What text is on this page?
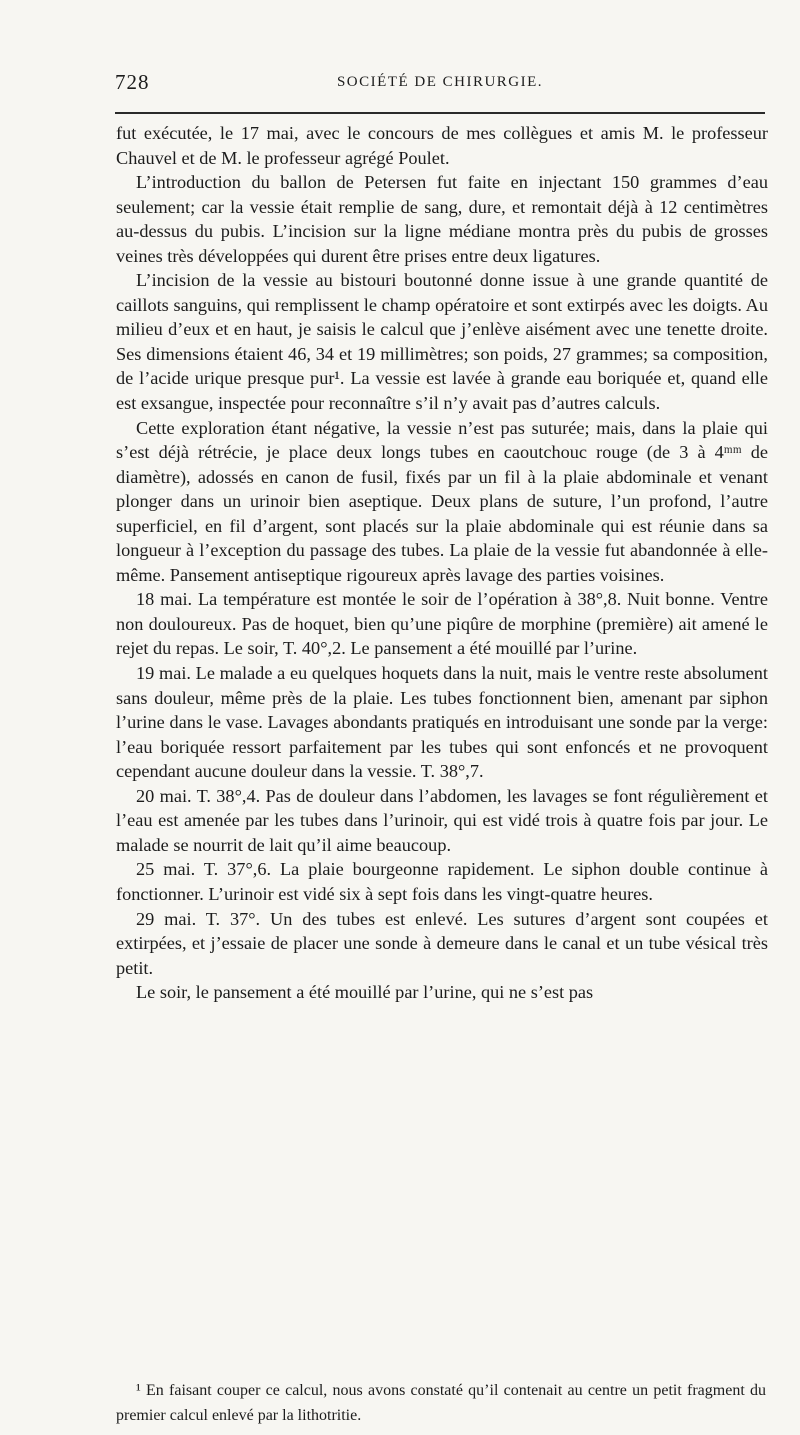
728	SOCIÉTÉ DE CHIRURGIE.

fut exécutée, le 17 mai, avec le concours de mes collègues et amis M. le professeur Chauvel et de M. le professeur agrégé Poulet.

L’introduction du ballon de Petersen fut faite en injectant 150 grammes d’eau seulement; car la vessie était remplie de sang, dure, et remontait déjà à 12 centimètres au-dessus du pubis. L’incision sur la ligne médiane montra près du pubis de grosses veines très développées qui durent être prises entre deux ligatures.

L’incision de la vessie au bistouri boutonné donne issue à une grande quantité de caillots sanguins, qui remplissent le champ opératoire et sont extirpés avec les doigts. Au milieu d’eux et en haut, je saisis le calcul que j’enlève aisément avec une tenette droite. Ses dimensions étaient 46, 34 et 19 millimètres; son poids, 27 grammes; sa composition, de l’acide urique presque pur¹. La vessie est lavée à grande eau boriquée et, quand elle est exsangue, inspectée pour reconnaître s’il n’y avait pas d’autres calculs.

Cette exploration étant négative, la vessie n’est pas suturée; mais, dans la plaie qui s’est déjà rétrécie, je place deux longs tubes en caoutchouc rouge (de 3 à 4ᵐᵐ de diamètre), adossés en canon de fusil, fixés par un fil à la plaie abdominale et venant plonger dans un urinoir bien aseptique. Deux plans de suture, l’un profond, l’autre superficiel, en fil d’argent, sont placés sur la plaie abdominale qui est réunie dans sa longueur à l’exception du passage des tubes. La plaie de la vessie fut abandonnée à elle-même. Pansement antiseptique rigoureux après lavage des parties voisines.

18 mai. La température est montée le soir de l’opération à 38°,8. Nuit bonne. Ventre non douloureux. Pas de hoquet, bien qu’une piqûre de morphine (première) ait amené le rejet du repas. Le soir, T. 40°,2. Le pansement a été mouillé par l’urine.

19 mai. Le malade a eu quelques hoquets dans la nuit, mais le ventre reste absolument sans douleur, même près de la plaie. Les tubes fonctionnent bien, amenant par siphon l’urine dans le vase. Lavages abondants pratiqués en introduisant une sonde par la verge: l’eau boriquée ressort parfaitement par les tubes qui sont enfoncés et ne provoquent cependant aucune douleur dans la vessie. T. 38°,7.

20 mai. T. 38°,4. Pas de douleur dans l’abdomen, les lavages se font régulièrement et l’eau est amenée par les tubes dans l’urinoir, qui est vidé trois à quatre fois par jour. Le malade se nourrit de lait qu’il aime beaucoup.

25 mai. T. 37°,6. La plaie bourgeonne rapidement. Le siphon double continue à fonctionner. L’urinoir est vidé six à sept fois dans les vingt-quatre heures.

29 mai. T. 37°. Un des tubes est enlevé. Les sutures d’argent sont coupées et extirpées, et j’essaie de placer une sonde à demeure dans le canal et un tube vésical très petit.

Le soir, le pansement a été mouillé par l’urine, qui ne s’est pas

¹ En faisant couper ce calcul, nous avons constaté qu’il contenait au centre un petit fragment du premier calcul enlevé par la lithotritie.
